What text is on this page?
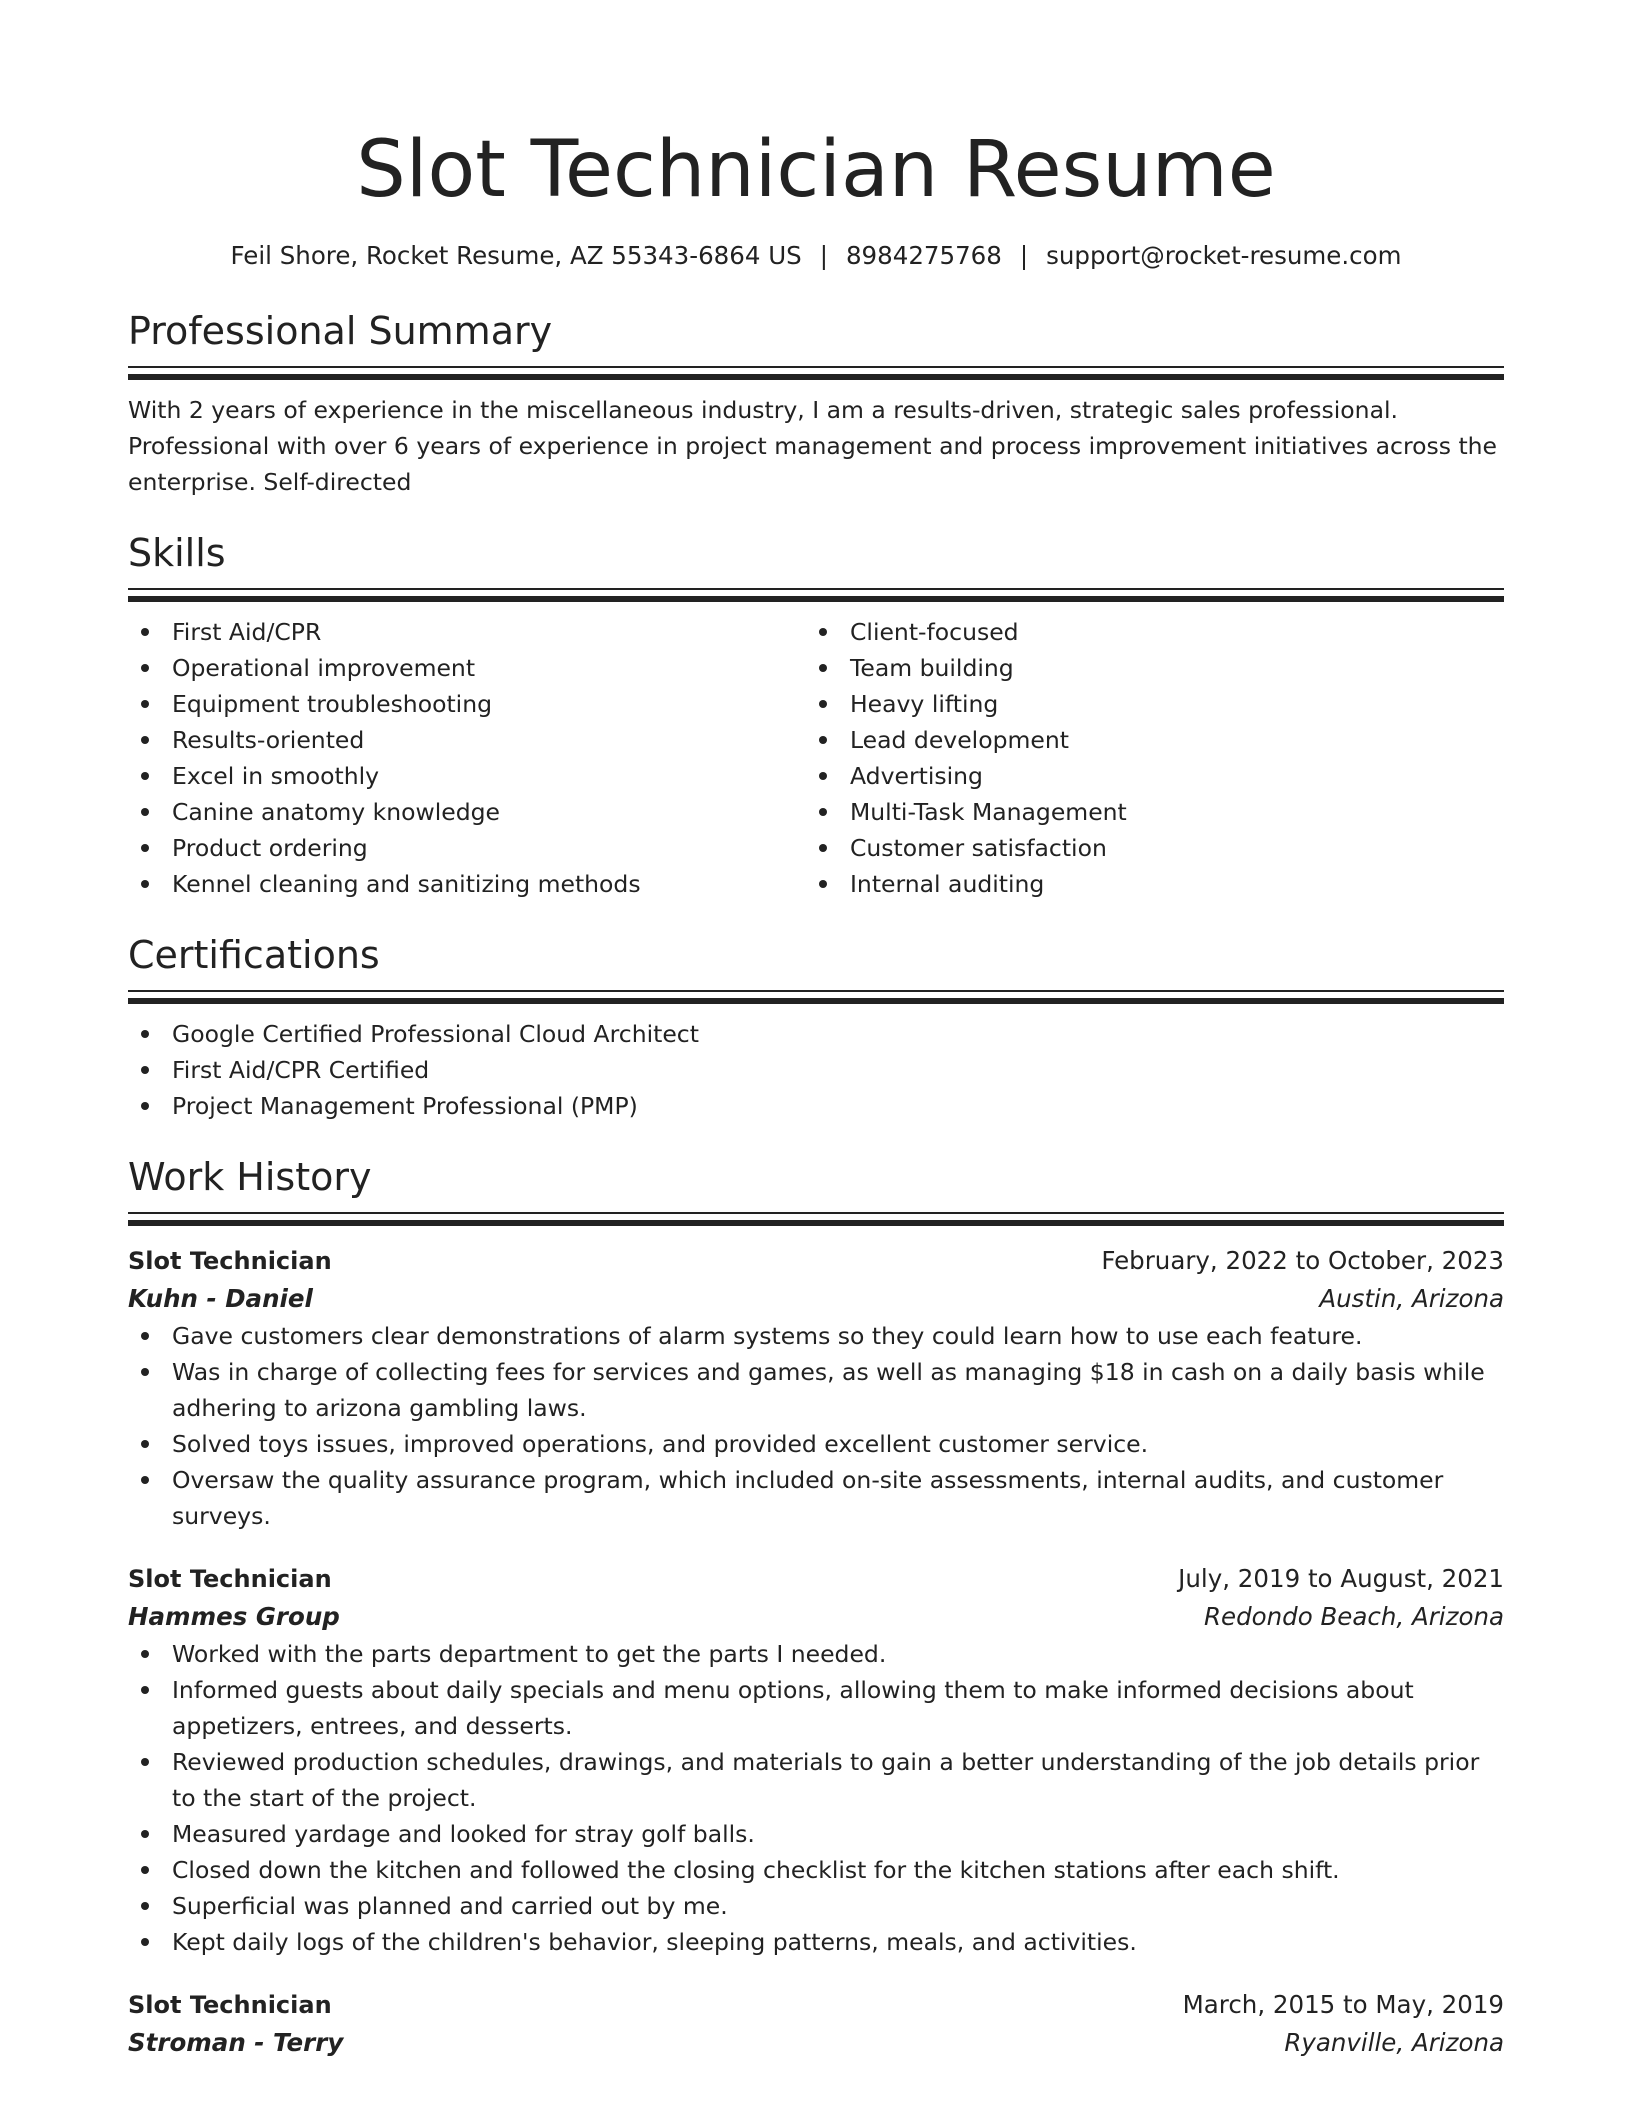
Slot Technician Resume
Feil Shore, Rocket Resume, AZ 55343-6864 US | 8984275768 | support@rocket-resume.com
Professional Summary

With 2 years of experience in the miscellaneous industry, I am a results-driven, strategic sales professional. Professional with over 6 years of experience in project management and process improvement initiatives across the enterprise. Self-directed

Skills
First Aid/CPR
Operational improvement
Equipment troubleshooting
Results-oriented
Excel in smoothly
Canine anatomy knowledge
Product ordering
Kennel cleaning and sanitizing methods
Client-focused
Team building
Heavy lifting
Lead development
Advertising
Multi-Task Management
Customer satisfaction
Internal auditing
Certifications
Google Certified Professional Cloud Architect
First Aid/CPR Certified
Project Management Professional (PMP)
Work History
Slot Technician	February, 2022 to October, 2023
Kuhn - Daniel	Austin, Arizona
Gave customers clear demonstrations of alarm systems so they could learn how to use each feature.
Was in charge of collecting fees for services and games, as well as managing $18 in cash on a daily basis while adhering to arizona gambling laws.
Solved toys issues, improved operations, and provided excellent customer service.
Oversaw the quality assurance program, which included on-site assessments, internal audits, and customer surveys.
Slot Technician	July, 2019 to August, 2021
Hammes Group	Redondo Beach, Arizona
Worked with the parts department to get the parts I needed.
Informed guests about daily specials and menu options, allowing them to make informed decisions about appetizers, entrees, and desserts.
Reviewed production schedules, drawings, and materials to gain a better understanding of the job details prior to the start of the project.
Measured yardage and looked for stray golf balls.
Closed down the kitchen and followed the closing checklist for the kitchen stations after each shift.
Superficial was planned and carried out by me.
Kept daily logs of the children's behavior, sleeping patterns, meals, and activities.
Slot Technician	March, 2015 to May, 2019
Stroman - Terry	Ryanville, Arizona
